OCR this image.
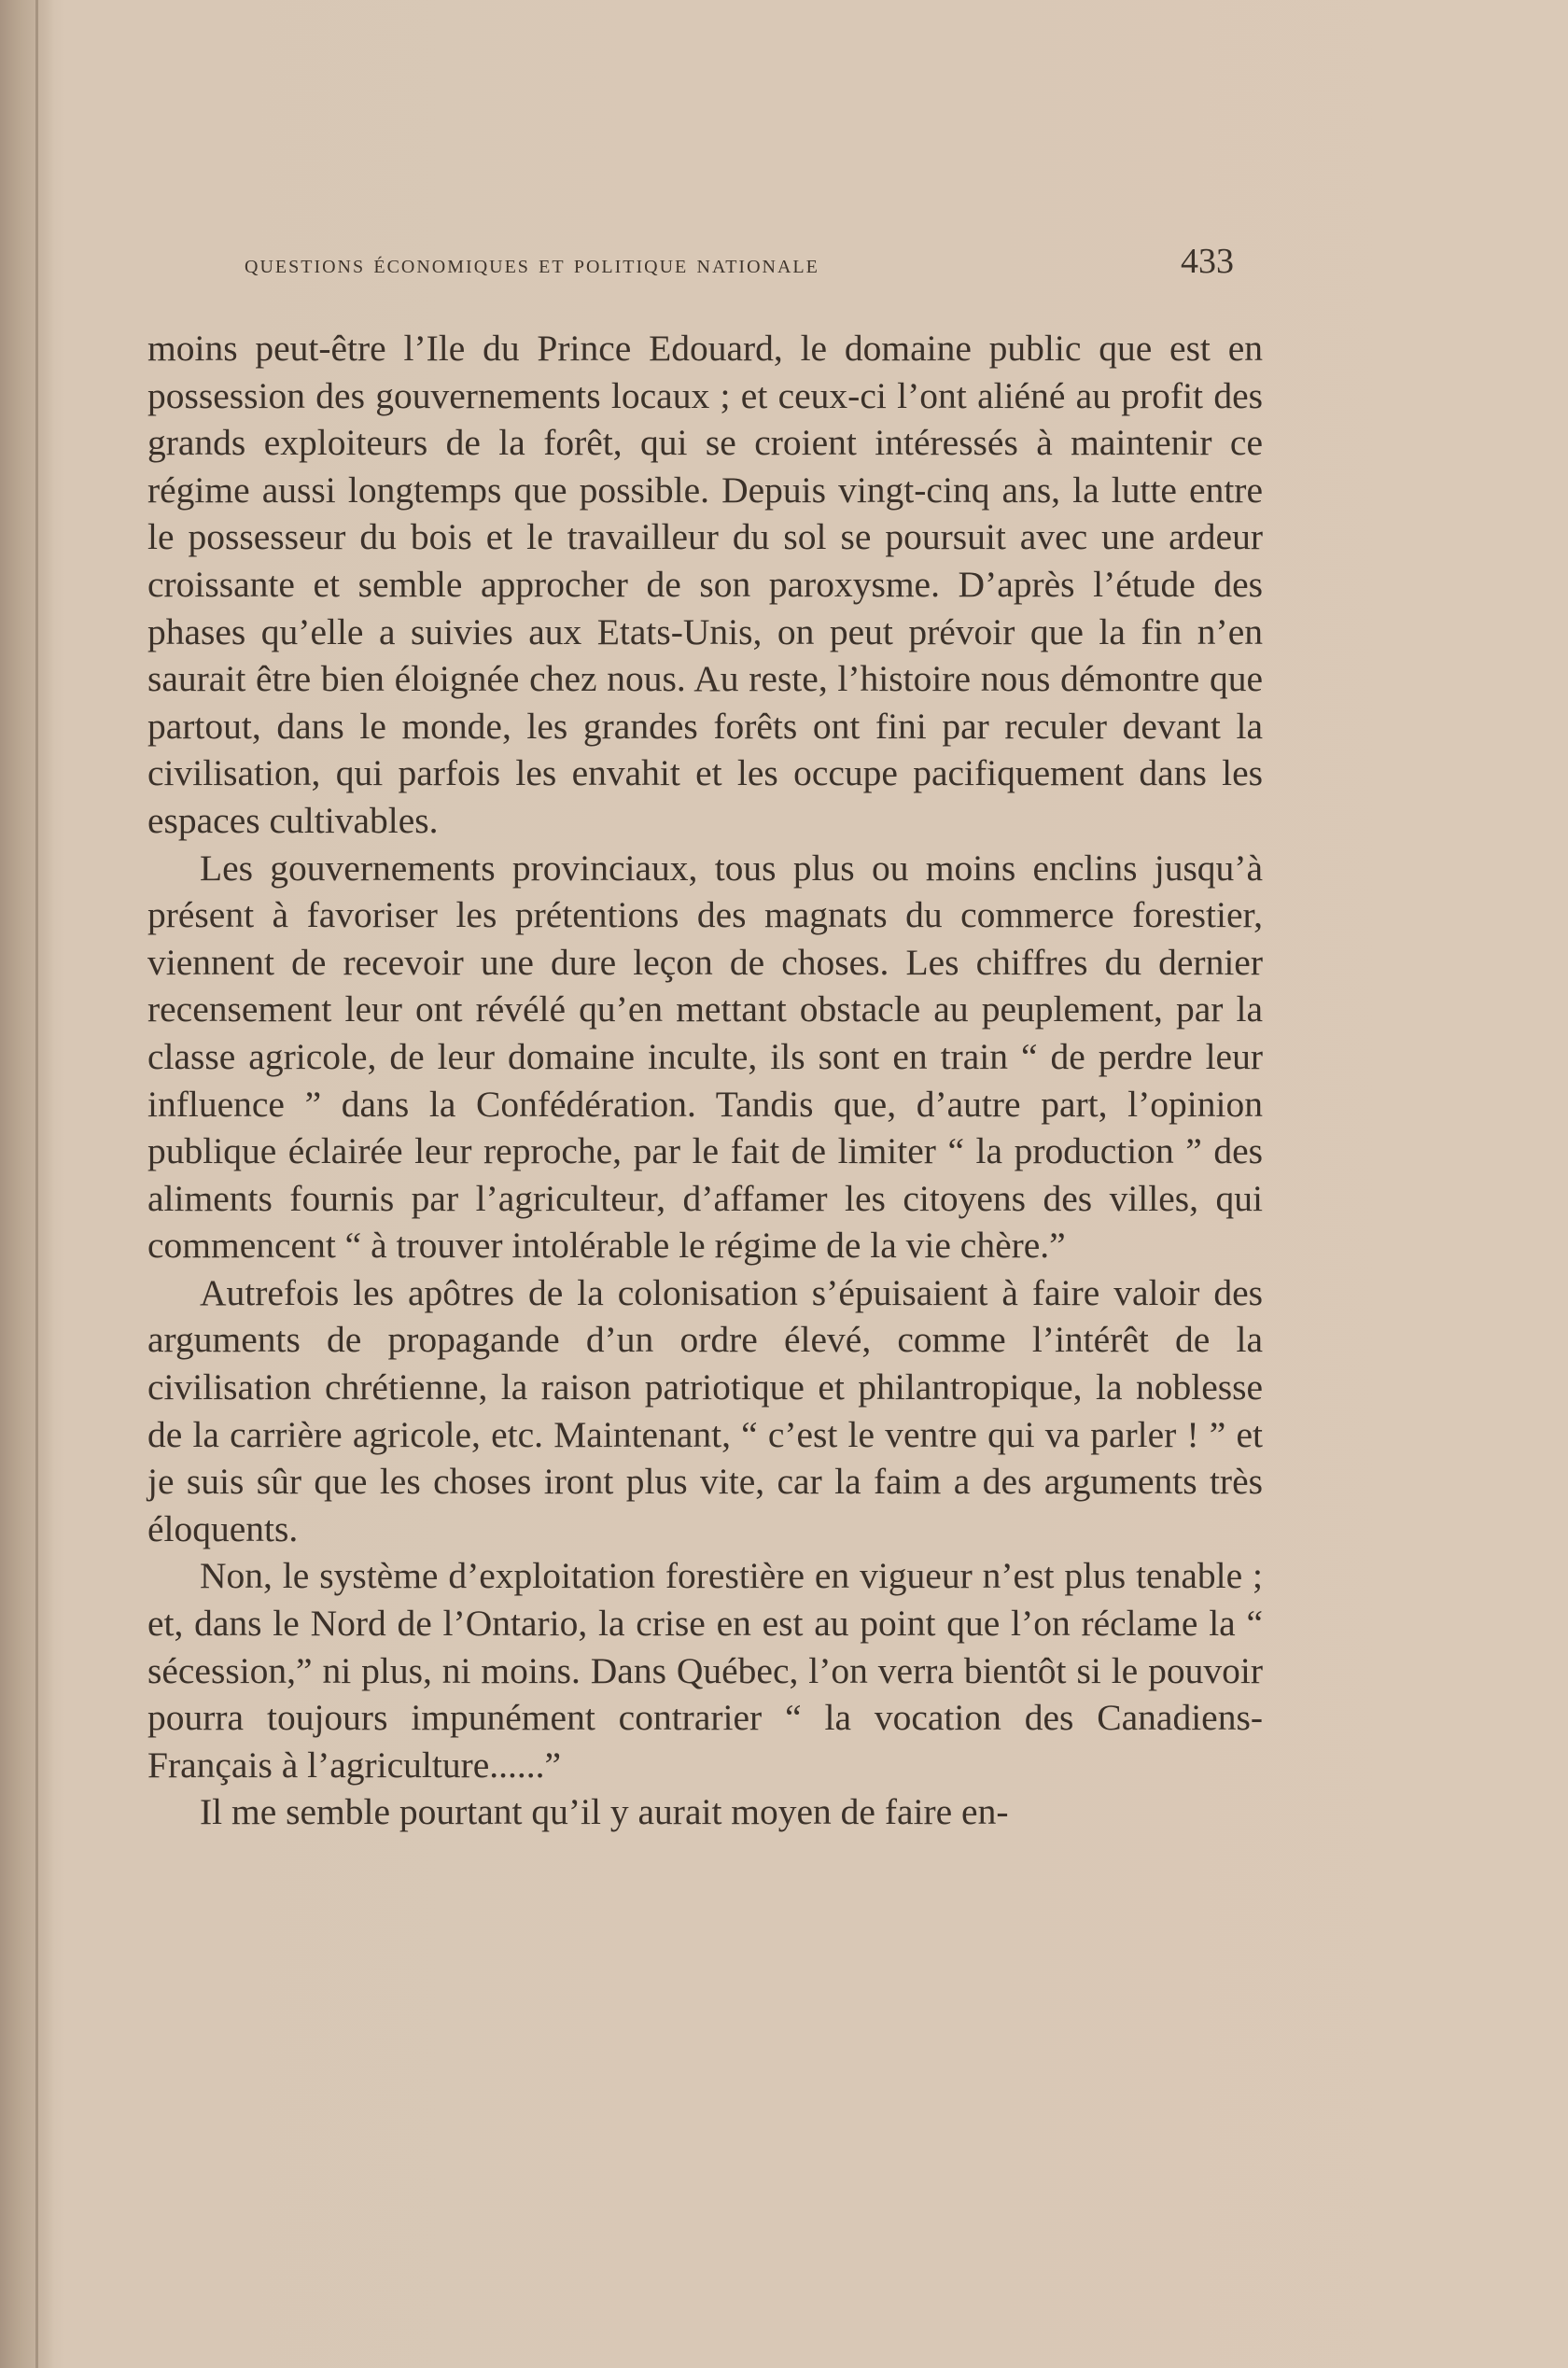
questions économiques et politique nationale	433

moins peut-être l’Ile du Prince Edouard, le domaine public que est en possession des gouvernements locaux ; et ceux-ci l’ont aliéné au profit des grands exploiteurs de la forêt, qui se croient intéressés à maintenir ce régime aussi longtemps que possible. Depuis vingt-cinq ans, la lutte entre le possesseur du bois et le travailleur du sol se poursuit avec une ardeur croissante et semble approcher de son paroxysme. D’après l’étude des phases qu’elle a suivies aux Etats-Unis, on peut prévoir que la fin n’en saurait être bien éloignée chez nous. Au reste, l’histoire nous démontre que partout, dans le monde, les grandes forêts ont fini par reculer devant la civilisation, qui parfois les envahit et les occupe pacifiquement dans les espaces cultivables.

Les gouvernements provinciaux, tous plus ou moins enclins jusqu’à présent à favoriser les prétentions des magnats du commerce forestier, viennent de recevoir une dure leçon de choses. Les chiffres du dernier recensement leur ont révélé qu’en mettant obstacle au peuplement, par la classe agricole, de leur domaine inculte, ils sont en train “ de perdre leur influence ” dans la Confédération. Tandis que, d’autre part, l’opinion publique éclairée leur reproche, par le fait de limiter “ la production ” des aliments fournis par l’agriculteur, d’affamer les citoyens des villes, qui commencent “ à trouver intolérable le régime de la vie chère.”

Autrefois les apôtres de la colonisation s’épuisaient à faire valoir des arguments de propagande d’un ordre élevé, comme l’intérêt de la civilisation chrétienne, la raison patriotique et philantropique, la noblesse de la carrière agricole, etc. Maintenant, “ c’est le ventre qui va parler ! ” et je suis sûr que les choses iront plus vite, car la faim a des arguments très éloquents.

Non, le système d’exploitation forestière en vigueur n’est plus tenable ; et, dans le Nord de l’Ontario, la crise en est au point que l’on réclame la “ sécession,” ni plus, ni moins. Dans Québec, l’on verra bientôt si le pouvoir pourra toujours impunément contrarier “ la vocation des Canadiens-Français à l’agriculture......”

Il me semble pourtant qu’il y aurait moyen de faire en-
